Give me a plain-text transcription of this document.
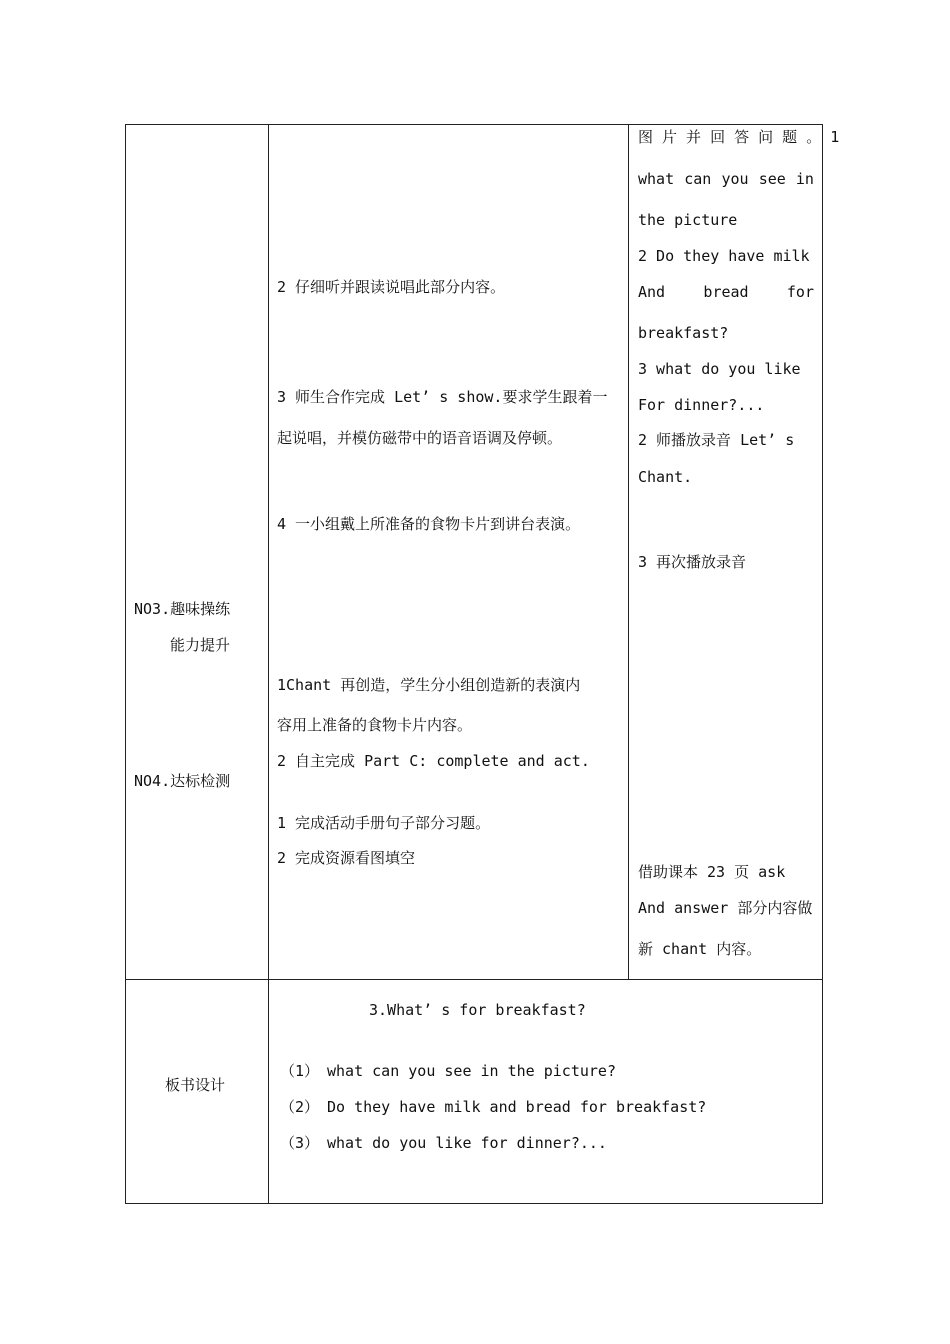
NO3.趣味操练
能力提升
NO4.达标检测
2 仔细听并跟读说唱此部分内容。
3 师生合作完成 Let’ s show.要求学生跟着一
起说唱，并模仿磁带中的语音语调及停顿。
4 一小组戴上所准备的食物卡片到讲台表演。
1Chant 再创造，学生分小组创造新的表演内
容用上准备的食物卡片内容。
2 自主完成 Part C: complete and act.
1 完成活动手册句子部分习题。
2 完成资源看图填空
图 片 并 回 答 问 题 。 1
what can you see in
the picture
2 Do they have milk
And	bread	for
breakfast?
3 what do you like
For dinner?...
2 师播放录音 Let’ s
Chant.
3 再次播放录音
借助课本 23 页 ask
And answer 部分内容做
新 chant 内容。
板书设计
3.What’ s for breakfast?
（1） what can you see in the picture?
（2） Do they have milk and bread for breakfast?
（3） what do you like for dinner?...
